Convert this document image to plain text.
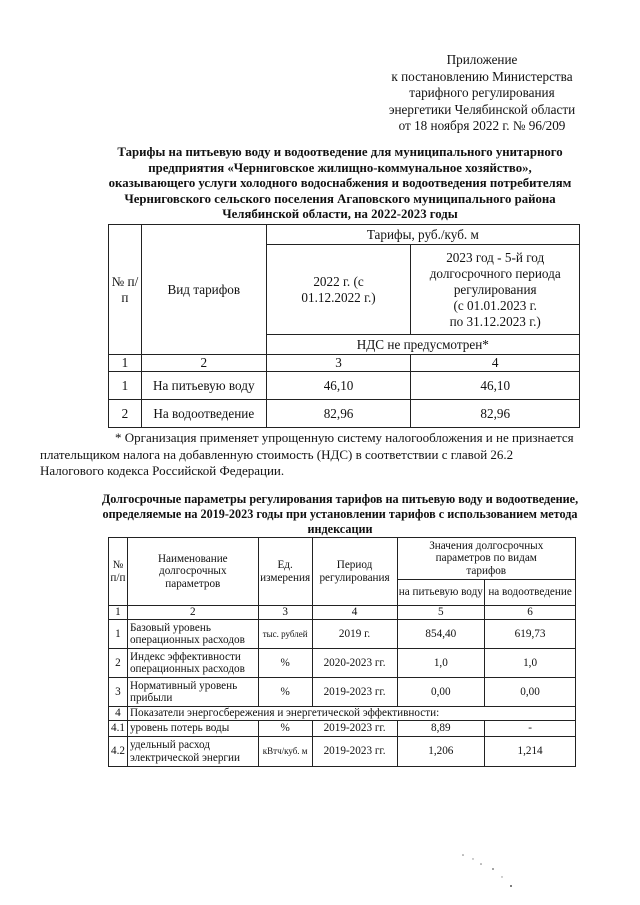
Приложение
к постановлению Министерства
тарифного регулирования
энергетики Челябинской области
от 18 ноября 2022 г. № 96/209
Тарифы на питьевую воду и водоотведение для муниципального унитарного
предприятия «Черниговское жилищно-коммунальное хозяйство»,
оказывающего услуги холодного водоснабжения и водоотведения потребителям
Черниговского сельского поселения Агаповского муниципального района
Челябинской области, на 2022-2023 годы
№ п/п	Вид тарифов	Тарифы, руб./куб. м	
		2022 г. (с 01.12.2022 г.)	2023 год - 5-й год
долгосрочного периода
регулирования
(с 01.01.2023 г.
по 31.12.2023 г.)

		НДС не предусмотрен*	
1	2	3	4
1	На питьевую воду	46,10	46,10
2	На водоотведение	82,96	82,96
* Организация применяет упрощенную систему налогообложения и не признается
плательщиком налога на добавленную стоимость (НДС) в соответствии с главой 26.2
Налогового кодекса Российской Федерации.
Долгосрочные параметры регулирования тарифов на питьевую воду и водоотведение,
определяемые на 2019-2023 годы при установлении тарифов с использованием метода
индексации
№ п/п	Наименование долгосрочных параметров	Ед. измерения	Период регулирования	Значения долгосрочных параметров по видам тарифов	
				на питьевую воду	на водоотведение
1	2	3	4	5	6
1	Базовый уровень операционных расходов	тыс. рублей	2019 г.	854,40	619,73
2	Индекс эффективности операционных расходов	%	2020-2023 гг.	1,0	1,0
3	Нормативный уровень прибыли	%	2019-2023 гг.	0,00	0,00
4	Показатели энергосбережения и энергетической эффективности:				
4.1	уровень потерь воды	%	2019-2023 гг.	8,89	-
4.2	удельный расход электрической энергии	кВтч/куб. м	2019-2023 гг.	1,206	1,214
